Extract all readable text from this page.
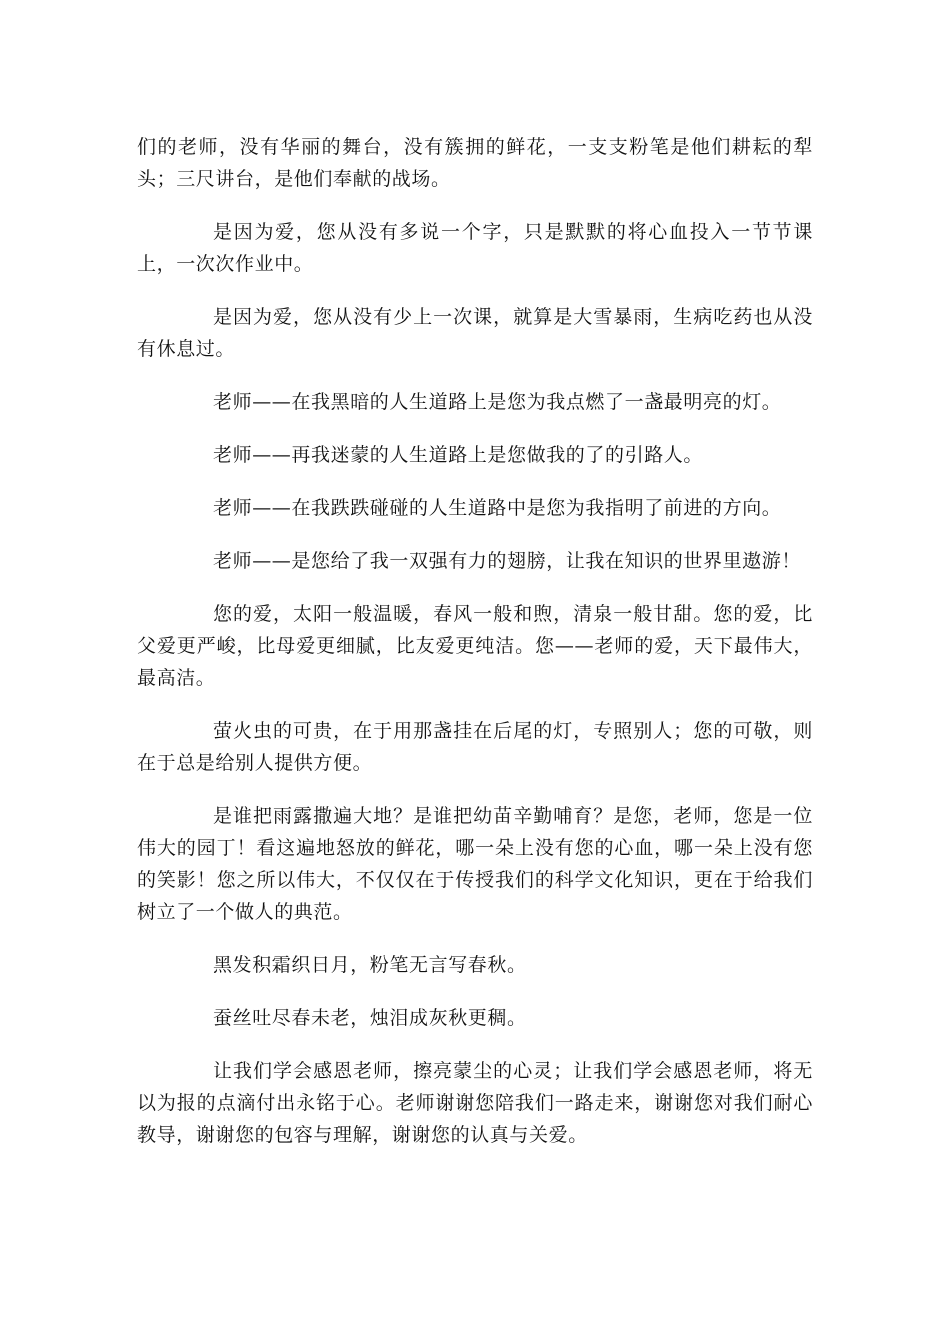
们的老师，没有华丽的舞台，没有簇拥的鲜花，一支支粉笔是他们耕耘的犁头；三尺讲台，是他们奉献的战场。

是因为爱，您从没有多说一个字，只是默默的将心血投入一节节课上，一次次作业中。

是因为爱，您从没有少上一次课，就算是大雪暴雨，生病吃药也从没有休息过。

老师——在我黑暗的人生道路上是您为我点燃了一盏最明亮的灯。

老师——再我迷蒙的人生道路上是您做我的了的引路人。

老师——在我跌跌碰碰的人生道路中是您为我指明了前进的方向。

老师——是您给了我一双强有力的翅膀，让我在知识的世界里遨游！

您的爱，太阳一般温暖，春风一般和煦，清泉一般甘甜。您的爱，比父爱更严峻，比母爱更细腻，比友爱更纯洁。您——老师的爱，天下最伟大，最高洁。

萤火虫的可贵，在于用那盏挂在后尾的灯，专照别人；您的可敬，则在于总是给别人提供方便。

是谁把雨露撒遍大地？是谁把幼苗辛勤哺育？是您，老师，您是一位伟大的园丁！看这遍地怒放的鲜花，哪一朵上没有您的心血，哪一朵上没有您的笑影！您之所以伟大，不仅仅在于传授我们的科学文化知识，更在于给我们树立了一个做人的典范。

黑发积霜织日月，粉笔无言写春秋。

蚕丝吐尽春未老，烛泪成灰秋更稠。

让我们学会感恩老师，擦亮蒙尘的心灵；让我们学会感恩老师，将无以为报的点滴付出永铭于心。老师谢谢您陪我们一路走来，谢谢您对我们耐心教导，谢谢您的包容与理解，谢谢您的认真与关爱。
